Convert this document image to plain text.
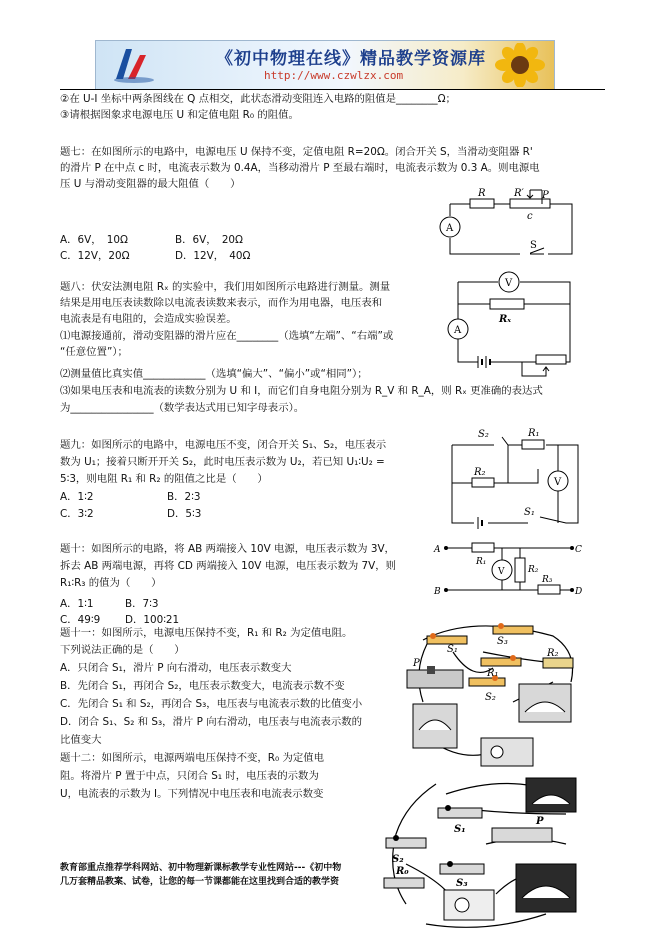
《初中物理在线》精品教学资源库
http://www.czwlzx.com
②在 U-I 坐标中两条图线在 Q 点相交，此状态滑动变阻连入电路的阻值是________Ω；
③请根据图象求电源电压 U 和定值电阻 R₀ 的阻值。
题七：在如图所示的电路中，电源电压 U 保持不变，定值电阻 R=20Ω。闭合开关 S，当滑动变阻器 R'
的滑片 P 在中点 c 时，电流表示数为 0.4A，当移动滑片 P 至最右端时，电流表示数为 0.3 A。则电源电
压 U 与滑动变阻器的最大阻值（　　）
A．6V，　10Ω	B．6V，　20Ω
C．12V，20Ω	D．12V，　40Ω
A
R	R′ P
c
S
题八：伏安法测电阻 Rₓ 的实验中，我们用如图所示电路进行测量。测量
结果是用电压表读数除以电流表读数来表示，而作为用电器，电压表和
电流表是有电阻的，会造成实验误差。
⑴电源接通前，滑动变阻器的滑片应在________（选填“左端”、“右端”或
“任意位置”）；
⑵测量值比真实值____________（选填“偏大”、“偏小”或“相同”）；
⑶如果电压表和电流表的读数分别为 U 和 I，而它们自身电阻分别为 R_V 和 R_A，则 Rₓ 更准确的表达式
为________________（数学表达式用已知字母表示）。
V
A
Rₓ
题九：如图所示的电路中，电源电压不变，闭合开关 S₁、S₂，电压表示
数为 U₁；接着只断开开关 S₂，此时电压表示数为 U₂，若已知 U₁∶U₂ =
5∶3，则电阻 R₁ 和 R₂ 的阻值之比是（　　）
A．1∶2	B．2∶3
C．3∶2	D．5∶3
S₂	R₁
R₂
V
S₁
题十：如图所示的电路，将 AB 两端接入 10V 电源，电压表示数为 3V，
拆去 AB 两端电源，再将 CD 两端接入 10V 电源，电压表示数为 7V，则
R₁∶R₃ 的值为（　　）
A．1∶1	B．7∶3
C．49∶9 D．100∶21
A
B
C
D
R₁
V	R₂
R₃
题十一：如图所示，电源电压保持不变，R₁ 和 R₂ 为定值电阻。
下列说法正确的是（　　）
A．只闭合 S₁，滑片 P 向右滑动，电压表示数变大
B．先闭合 S₁，再闭合 S₂，电压表示数变大，电流表示数不变
C．先闭合 S₁ 和 S₂，再闭合 S₃，电压表与电流表示数的比值变小
D．闭合 S₁、S₂ 和 S₃，滑片 P 向右滑动，电压表与电流表示数的
比值变大
S₁
S₃
R₁
R₂
S₂
P
题十二：如图所示，电源两端电压保持不变，R₀ 为定值电
阻。将滑片 P 置于中点，只闭合 S₁ 时，电压表的示数为
U，电流表的示数为 I。下列情况中电压表和电流表示数变
S₁
S₂
S₃
R₀
P
教育部重点推荐学科网站、初中物理新课标教学专业性网站---《初中物
几万套精品教案、试卷，让您的每一节课都能在这里找到合适的教学资
